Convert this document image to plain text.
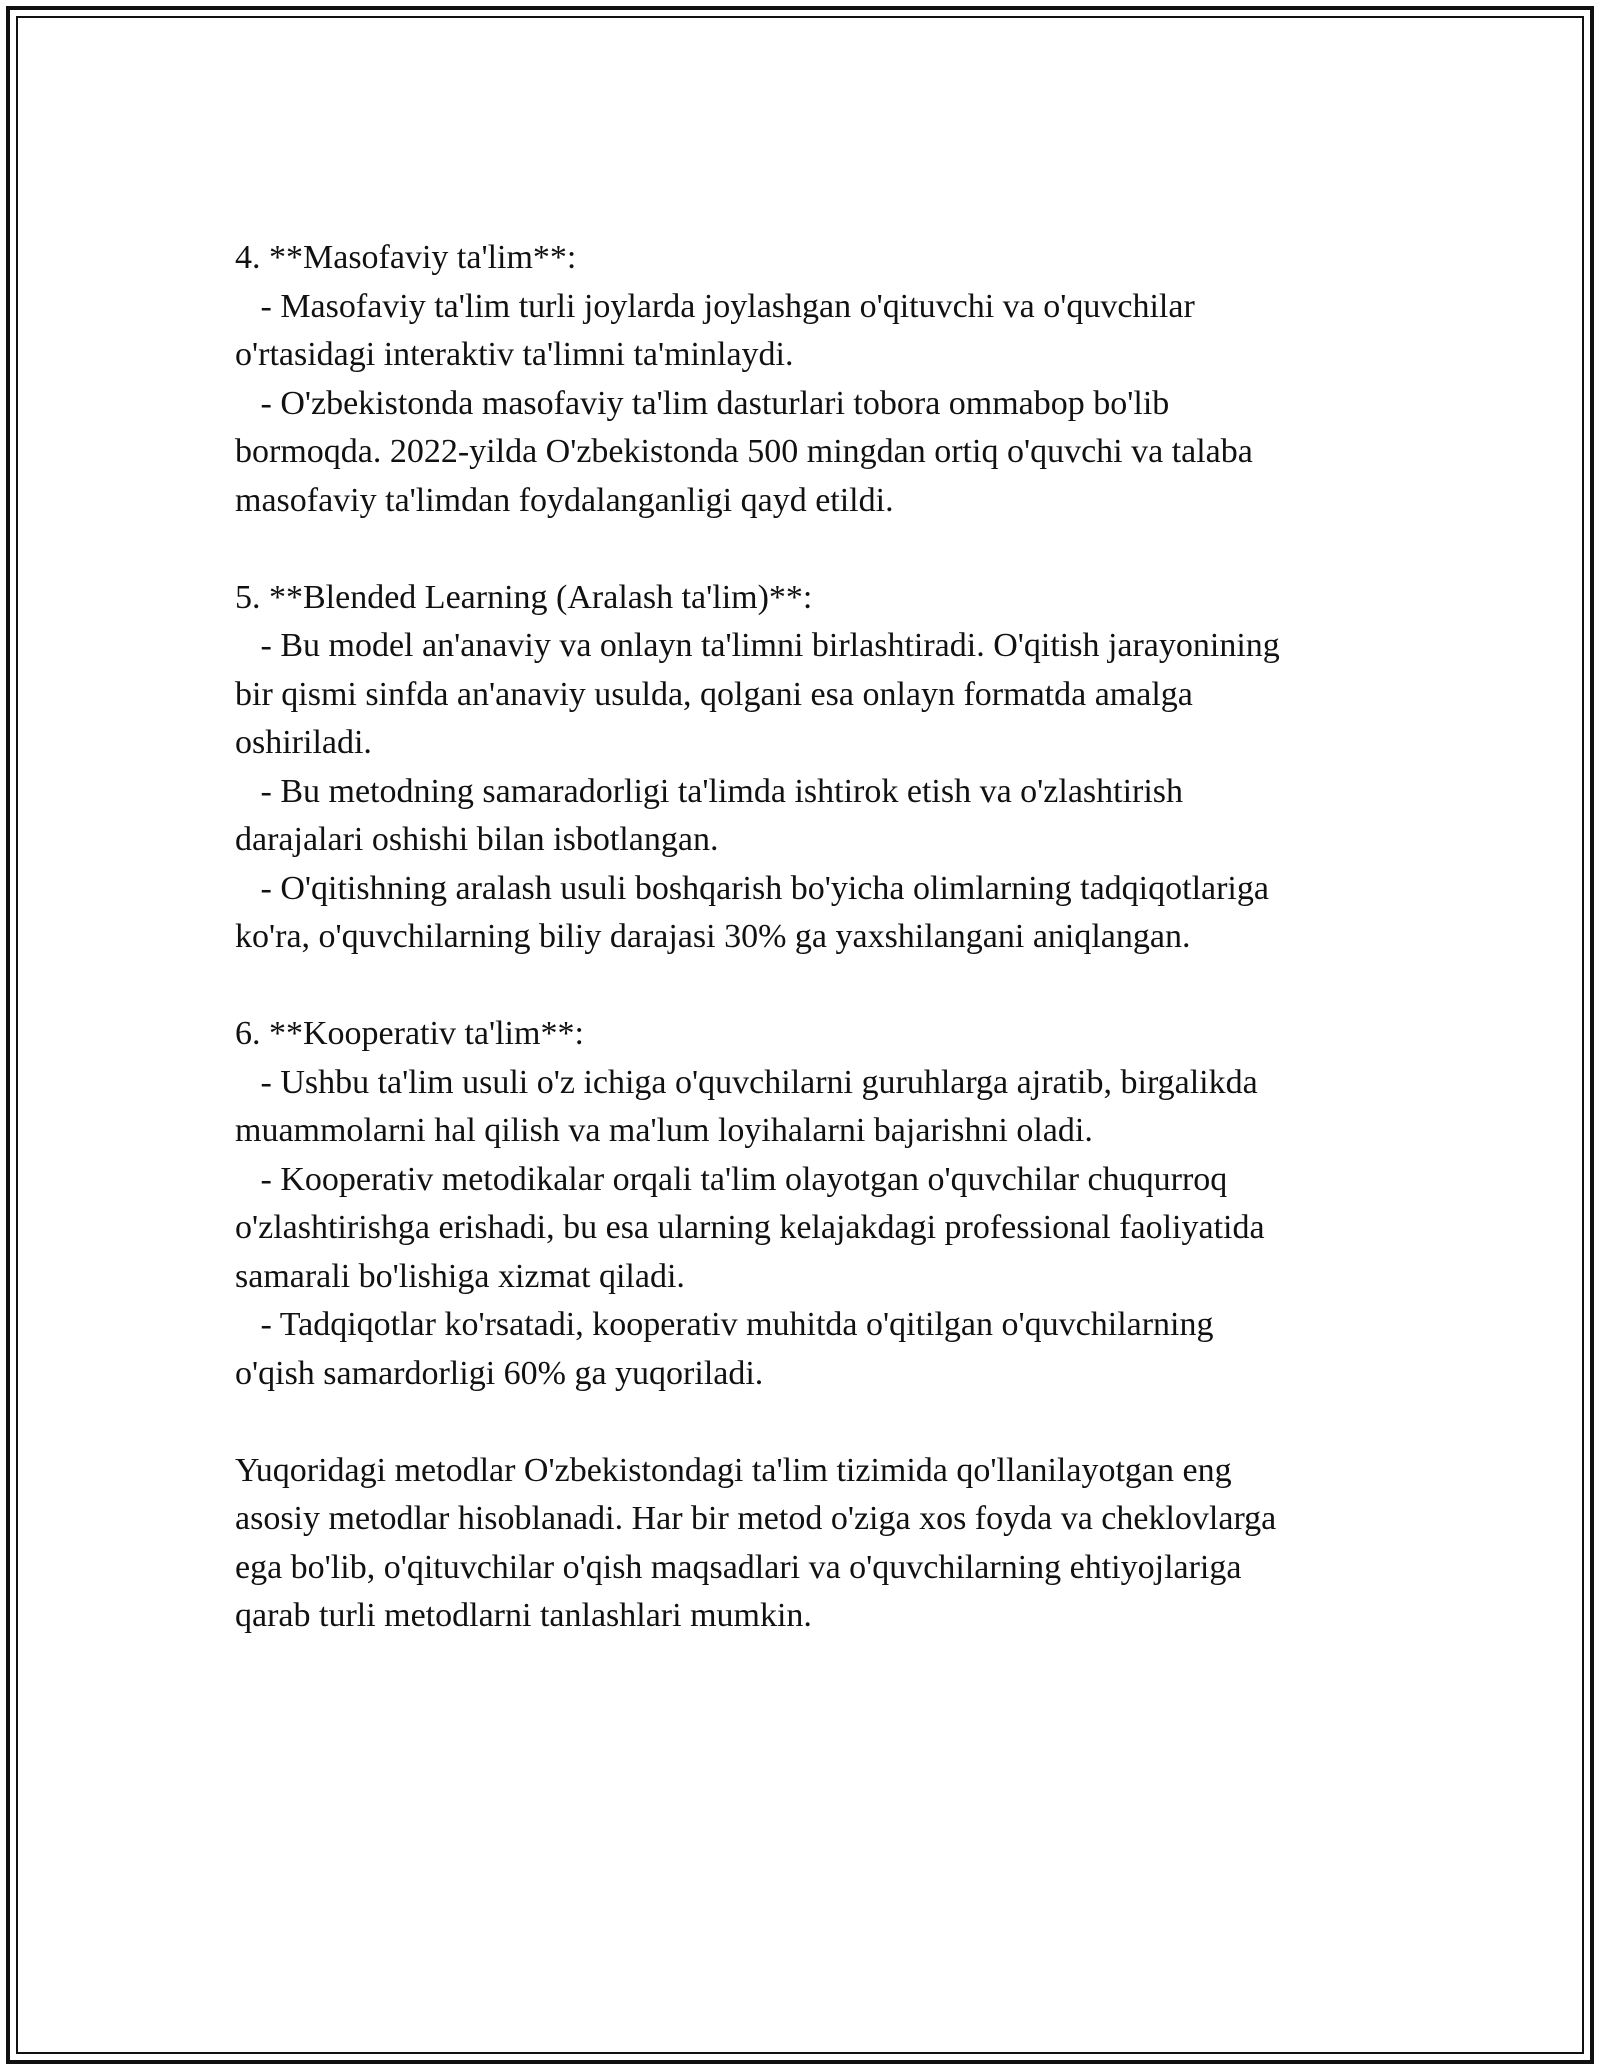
4. **Masofaviy ta'lim**:
- Masofaviy ta'lim turli joylarda joylashgan o'qituvchi va o'quvchilar
o'rtasidagi interaktiv ta'limni ta'minlaydi.
- O'zbekistonda masofaviy ta'lim dasturlari tobora ommabop bo'lib
bormoqda. 2022-yilda O'zbekistonda 500 mingdan ortiq o'quvchi va talaba
masofaviy ta'limdan foydalanganligi qayd etildi.
5. **Blended Learning (Aralash ta'lim)**:
- Bu model an'anaviy va onlayn ta'limni birlashtiradi. O'qitish jarayonining
bir qismi sinfda an'anaviy usulda, qolgani esa onlayn formatda amalga
oshiriladi.
- Bu metodning samaradorligi ta'limda ishtirok etish va o'zlashtirish
darajalari oshishi bilan isbotlangan.
- O'qitishning aralash usuli boshqarish bo'yicha olimlarning tadqiqotlariga
ko'ra, o'quvchilarning biliy darajasi 30% ga yaxshilangani aniqlangan.
6. **Kooperativ ta'lim**:
- Ushbu ta'lim usuli o'z ichiga o'quvchilarni guruhlarga ajratib, birgalikda
muammolarni hal qilish va ma'lum loyihalarni bajarishni oladi.
- Kooperativ metodikalar orqali ta'lim olayotgan o'quvchilar chuqurroq
o'zlashtirishga erishadi, bu esa ularning kelajakdagi professional faoliyatida
samarali bo'lishiga xizmat qiladi.
- Tadqiqotlar ko'rsatadi, kooperativ muhitda o'qitilgan o'quvchilarning
o'qish samardorligi 60% ga yuqoriladi.
Yuqoridagi metodlar O'zbekistondagi ta'lim tizimida qo'llanilayotgan eng
asosiy metodlar hisoblanadi. Har bir metod o'ziga xos foyda va cheklovlarga
ega bo'lib, o'qituvchilar o'qish maqsadlari va o'quvchilarning ehtiyojlariga
qarab turli metodlarni tanlashlari mumkin.
